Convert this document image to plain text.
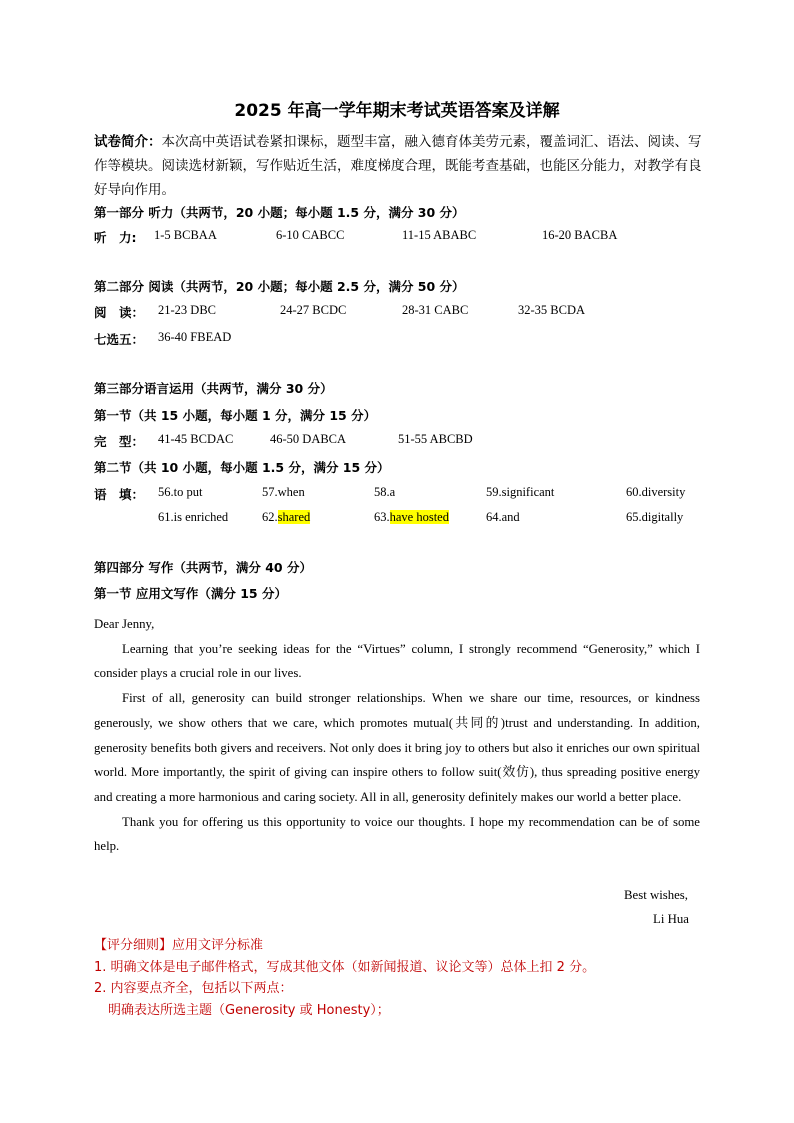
2025 年高一学年期末考试英语答案及详解
试卷简介：本次高中英语试卷紧扣课标，题型丰富，融入德育体美劳元素，覆盖词汇、语法、阅读、写作等模块。阅读选材新颖，写作贴近生活，难度梯度合理，既能考查基础，也能区分能力，对教学有良好导向作用。
第一部分 听力（共两节，20 小题；每小题 1.5 分，满分 30 分）
听　力: 1-5 BCBAA	6-10 CABCC	11-15 ABABC	16-20 BACBA
第二部分 阅读（共两节，20 小题；每小题 2.5 分，满分 50 分）
阅　读： 21-23 DBC	24-27 BCDC	28-31 CABC	32-35 BCDA
七选五： 36-40 FBEAD
第三部分语言运用（共两节，满分 30 分）
第一节（共 15 小题，每小题 1 分，满分 15 分）
完　型： 41-45 BCDAC	46-50 DABCA	51-55 ABCBD
第二节（共 10 小题，每小题 1.5 分，满分 15 分）
语　填： 56.to put	57.when	58.a	59.significant	60.diversity
61.is enriched	62.shared	63.have hosted	64.and	65.digitally
第四部分 写作（共两节，满分 40 分）
第一节 应用文写作（满分 15 分）

Dear Jenny,

Learning that you’re seeking ideas for the “Virtues” column, I strongly recommend “Generosity,” which I consider plays a crucial role in our lives.

First of all, generosity can build stronger relationships. When we share our time, resources, or kindness generously, we show others that we care, which promotes mutual(共同的)trust and understanding. In addition, generosity benefits both givers and receivers. Not only does it bring joy to others but also it enriches our own spiritual world. More importantly, the spirit of giving can inspire others to follow suit(效仿), thus spreading positive energy and creating a more harmonious and caring society. All in all, generosity definitely makes our world a better place.

Thank you for offering us this opportunity to voice our thoughts. I hope my recommendation can be of some help.

Best wishes,
Li Hua
【评分细则】应用文评分标准
1. 明确文体是电子邮件格式，写成其他文体（如新闻报道、议论文等）总体上扣 2 分。
2. 内容要点齐全，包括以下两点：
明确表达所选主题（Generosity 或 Honesty）；
